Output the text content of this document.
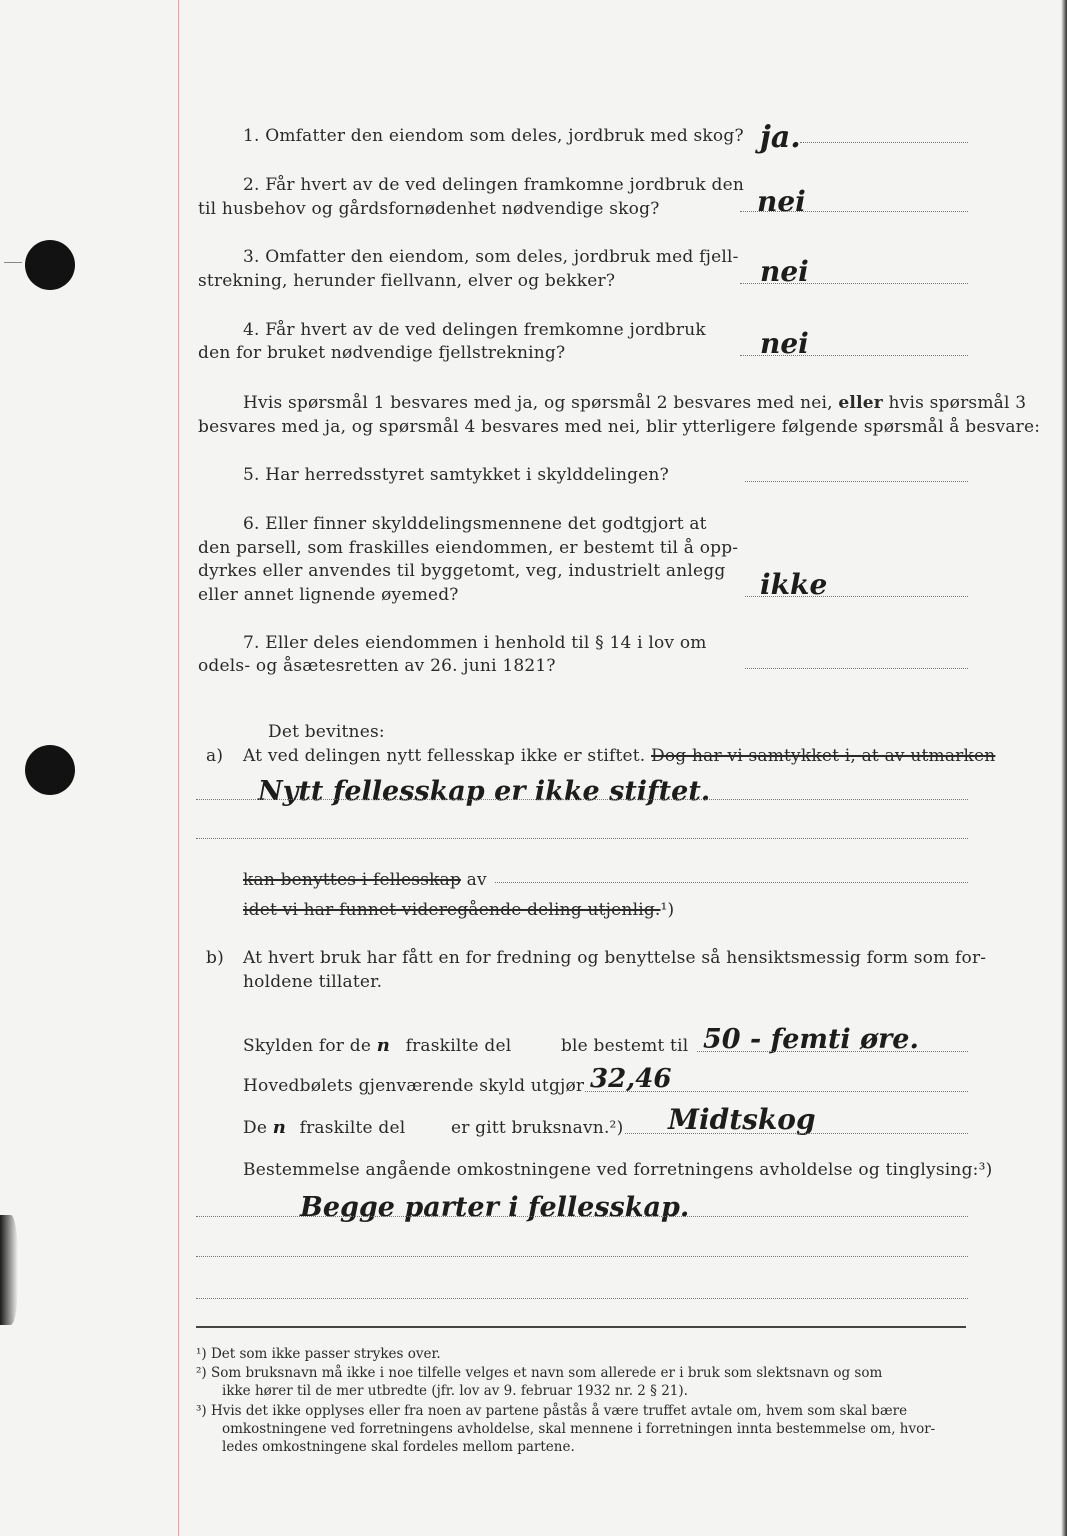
1. Omfatter den eiendom som deles, jordbruk med skog? ja.
2. Får hvert av de ved delingen framkomne jordbruk den
til husbehov og gårdsfornødenhet nødvendige skog?	nei
3. Omfatter den eiendom, som deles, jordbruk med fjell-
strekning, herunder fiellvann, elver og bekker?	nei
4. Får hvert av de ved delingen fremkomne jordbruk
den for bruket nødvendige fjellstrekning?	nei
Hvis spørsmål 1 besvares med ja, og spørsmål 2 besvares med nei, eller hvis spørsmål 3
besvares med ja, og spørsmål 4 besvares med nei, blir ytterligere følgende spørsmål å besvare:
5. Har herredsstyret samtykket i skylddelingen?
6. Eller finner skylddelingsmennene det godtgjort at
den parsell, som fraskilles eiendommen, er bestemt til å opp-
dyrkes eller anvendes til byggetomt, veg, industrielt anlegg
eller annet lignende øyemed?	ikke
7. Eller deles eiendommen i henhold til § 14 i lov om
odels- og åsætesretten av 26. juni 1821?
Det bevitnes:
a) At ved delingen nytt fellesskap ikke er stiftet. Dog har vi samtykket i, at av utmarken
Nytt fellesskap er ikke stiftet.
kan benyttes i fellesskap av
idet vi har funnet videregående deling utjenlig.¹)
b) At hvert bruk har fått en for fredning og benyttelse så hensiktsmessig form som for-
holdene tillater.
Skylden for de n fraskilte del	ble bestemt til 50 - femti øre.
Hovedbølets gjenværende skyld utgjør 32,46
De n fraskilte del	er gitt bruksnavn.²) Midtskog
Bestemmelse angående omkostningene ved forretningens avholdelse og tinglysing:³)
Begge parter i fellesskap.
¹) Det som ikke passer strykes over.
²) Som bruksnavn må ikke i noe tilfelle velges et navn som allerede er i bruk som slektsnavn og som
ikke hører til de mer utbredte (jfr. lov av 9. februar 1932 nr. 2 § 21).
³) Hvis det ikke opplyses eller fra noen av partene påstås å være truffet avtale om, hvem som skal bære
omkostningene ved forretningens avholdelse, skal mennene i forretningen innta bestemmelse om, hvor-
ledes omkostningene skal fordeles mellom partene.
